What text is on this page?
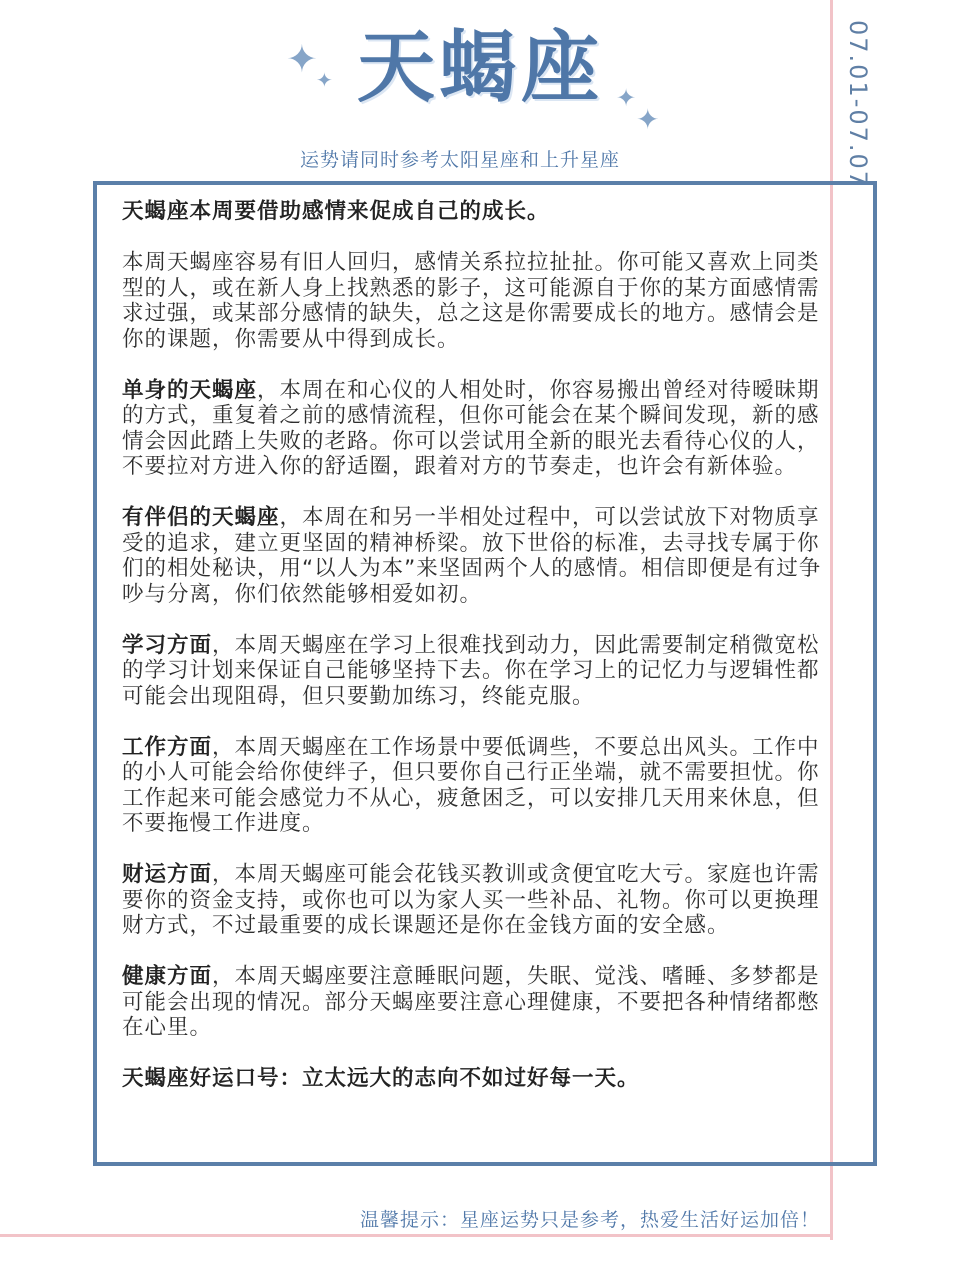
07.01-07.07
✦
✦
✦
✦
天蝎座
运势请同时参考太阳星座和上升星座

天蝎座本周要借助感情来促成自己的成长。

本周天蝎座容易有旧人回归，感情关系拉拉扯扯。你可能又喜欢上同类型的人，或在新人身上找熟悉的影子，这可能源自于你的某方面感情需求过强，或某部分感情的缺失，总之这是你需要成长的地方。感情会是你的课题，你需要从中得到成长。

单身的天蝎座，本周在和心仪的人相处时，你容易搬出曾经对待暧昧期的方式，重复着之前的感情流程，但你可能会在某个瞬间发现，新的感情会因此踏上失败的老路。你可以尝试用全新的眼光去看待心仪的人，不要拉对方进入你的舒适圈，跟着对方的节奏走，也许会有新体验。

有伴侣的天蝎座，本周在和另一半相处过程中，可以尝试放下对物质享受的追求，建立更坚固的精神桥梁。放下世俗的标准，去寻找专属于你们的相处秘诀，用“以人为本”来坚固两个人的感情。相信即便是有过争吵与分离，你们依然能够相爱如初。

学习方面，本周天蝎座在学习上很难找到动力，因此需要制定稍微宽松的学习计划来保证自己能够坚持下去。你在学习上的记忆力与逻辑性都可能会出现阻碍，但只要勤加练习，终能克服。

工作方面，本周天蝎座在工作场景中要低调些，不要总出风头。工作中的小人可能会给你使绊子，但只要你自己行正坐端，就不需要担忧。你工作起来可能会感觉力不从心，疲惫困乏，可以安排几天用来休息，但不要拖慢工作进度。

财运方面，本周天蝎座可能会花钱买教训或贪便宜吃大亏。家庭也许需要你的资金支持，或你也可以为家人买一些补品、礼物。你可以更换理财方式，不过最重要的成长课题还是你在金钱方面的安全感。

健康方面，本周天蝎座要注意睡眠问题，失眠、觉浅、嗜睡、多梦都是可能会出现的情况。部分天蝎座要注意心理健康，不要把各种情绪都憋在心里。

天蝎座好运口号：立太远大的志向不如过好每一天。

温馨提示：星座运势只是参考，热爱生活好运加倍！
